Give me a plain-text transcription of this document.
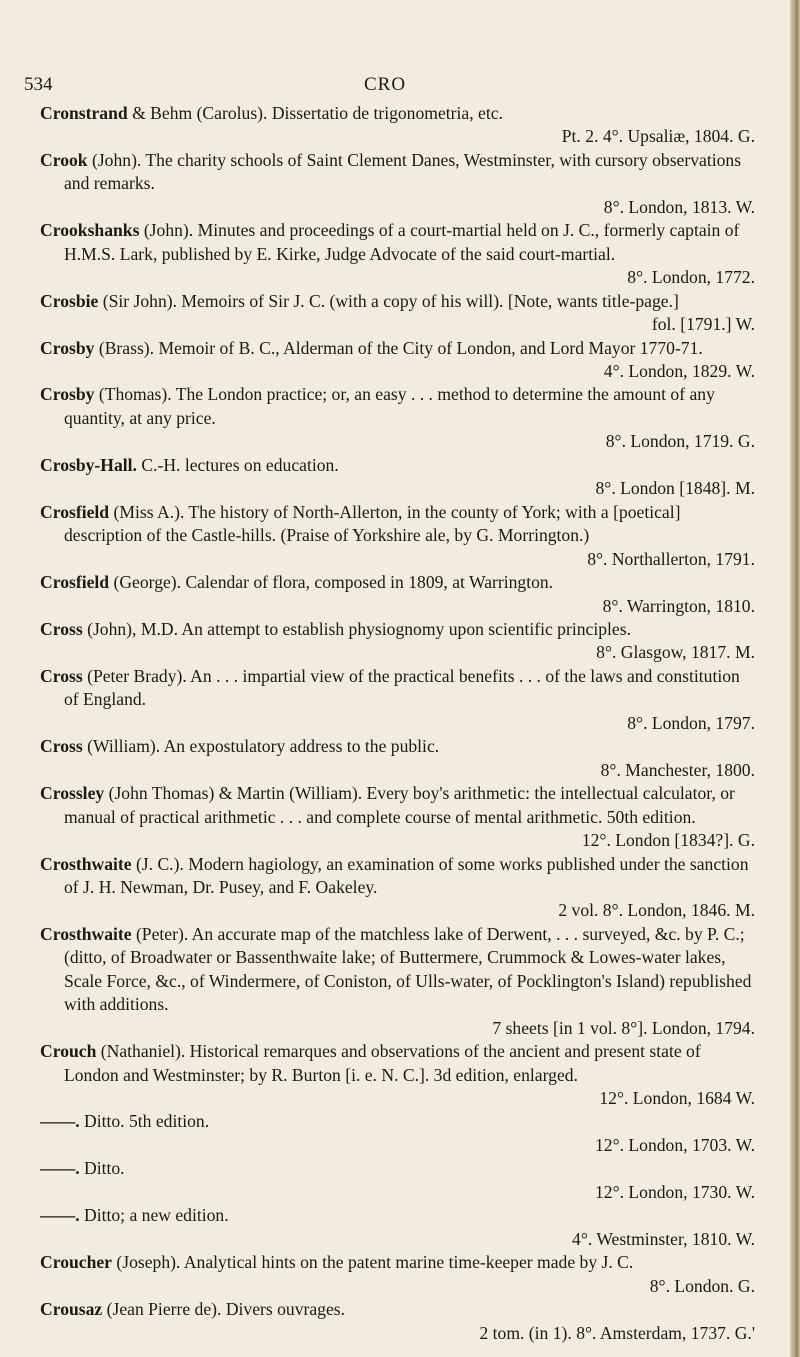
534	CRO
Cronstrand & Behm (Carolus). Dissertatio de trigonometria, etc.
Pt. 2. 4°. Upsaliæ, 1804. G.
Crook (John). The charity schools of Saint Clement Danes, Westminster, with cursory observations and remarks.
8°. London, 1813. W.
Crookshanks (John). Minutes and proceedings of a court-martial held on J. C., formerly captain of H.M.S. Lark, published by E. Kirke, Judge Advocate of the said court-martial.
8°. London, 1772.
Crosbie (Sir John). Memoirs of Sir J. C. (with a copy of his will). [Note, wants title-page.]
fol. [1791.] W.
Crosby (Brass). Memoir of B. C., Alderman of the City of London, and Lord Mayor 1770-71.
4°. London, 1829. W.
Crosby (Thomas). The London practice; or, an easy . . . method to determine the amount of any quantity, at any price.
8°. London, 1719. G.
Crosby-Hall. C.-H. lectures on education.
8°. London [1848]. M.
Crosfield (Miss A.). The history of North-Allerton, in the county of York; with a [poetical] description of the Castle-hills. (Praise of Yorkshire ale, by G. Morrington.)
8°. Northallerton, 1791.
Crosfield (George). Calendar of flora, composed in 1809, at Warrington.
8°. Warrington, 1810.
Cross (John), M.D. An attempt to establish physiognomy upon scientific principles.
8°. Glasgow, 1817. M.
Cross (Peter Brady). An . . . impartial view of the practical benefits . . . of the laws and constitution of England.
8°. London, 1797.
Cross (William). An expostulatory address to the public.
8°. Manchester, 1800.
Crossley (John Thomas) & Martin (William). Every boy's arithmetic: the intellectual calculator, or manual of practical arithmetic . . . and complete course of mental arithmetic. 50th edition.
12°. London [1834?]. G.
Crosthwaite (J. C.). Modern hagiology, an examination of some works published under the sanction of J. H. Newman, Dr. Pusey, and F. Oakeley.
2 vol. 8°. London, 1846. M.
Crosthwaite (Peter). An accurate map of the matchless lake of Derwent, . . . surveyed, &c. by P. C.; (ditto, of Broadwater or Bassenthwaite lake; of Buttermere, Crummock & Lowes-water lakes, Scale Force, &c., of Windermere, of Coniston, of Ulls-water, of Pocklington's Island) republished with additions.
7 sheets [in 1 vol. 8°]. London, 1794.
Crouch (Nathaniel). Historical remarques and observations of the ancient and present state of London and Westminster; by R. Burton [i. e. N. C.]. 3d edition, enlarged.
12°. London, 1684 W.
——. Ditto. 5th edition.
12°. London, 1703. W.
——. Ditto.
12°. London, 1730. W.
——. Ditto; a new edition.
4°. Westminster, 1810. W.
Croucher (Joseph). Analytical hints on the patent marine time-keeper made by J. C.
8°. London. G.
Crousaz (Jean Pierre de). Divers ouvrages.
2 tom. (in 1). 8°. Amsterdam, 1737. G.'
